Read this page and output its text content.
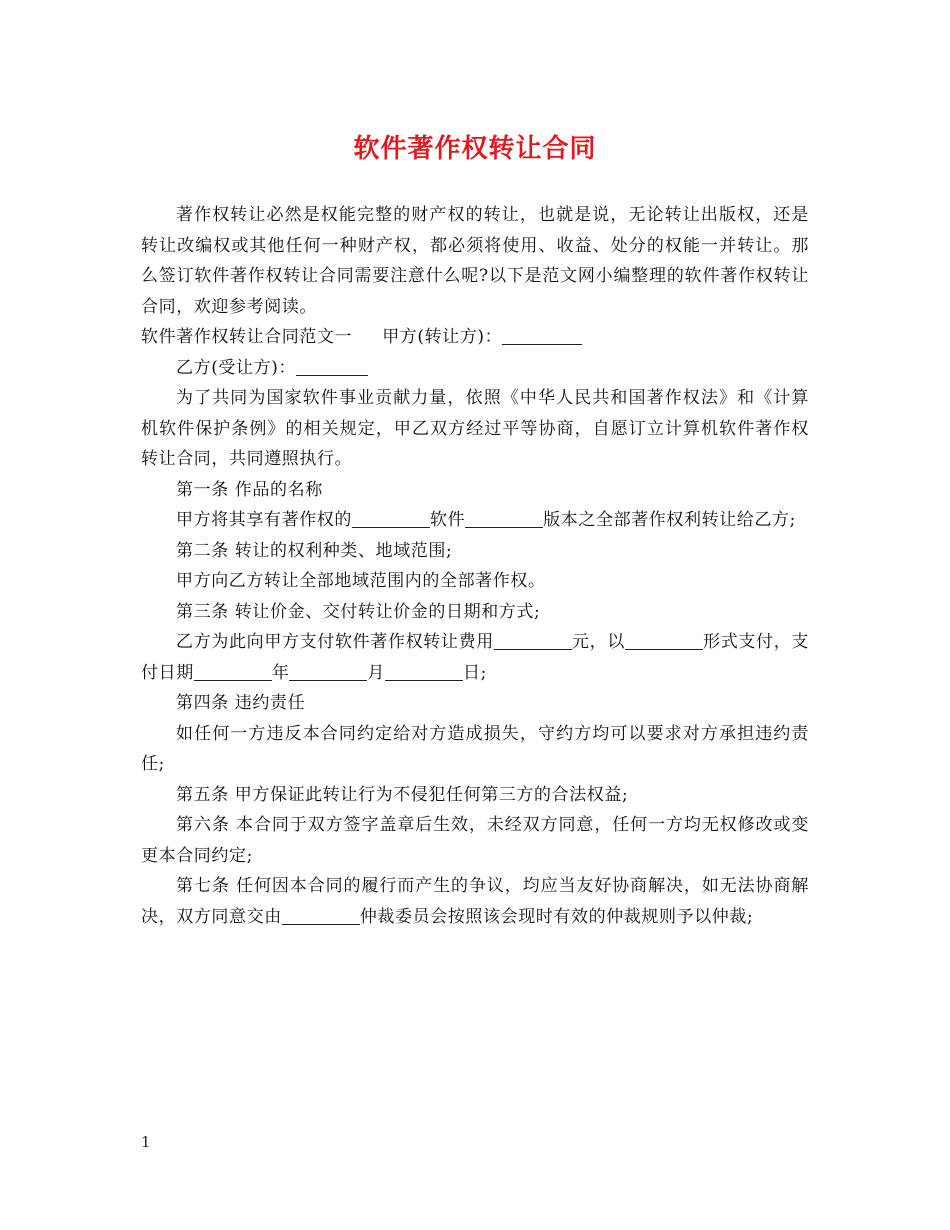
软件著作权转让合同

著作权转让必然是权能完整的财产权的转让，也就是说，无论转让出版权，还是转让改编权或其他任何一种财产权，都必须将使用、收益、处分的权能一并转让。那么签订软件著作权转让合同需要注意什么呢?以下是范文网小编整理的软件著作权转让合同，欢迎参考阅读。

软件著作权转让合同范文一 甲方(转让方)：

乙方(受让方)：

为了共同为国家软件事业贡献力量，依照《中华人民共和国著作权法》和《计算机软件保护条例》的相关规定，甲乙双方经过平等协商，自愿订立计算机软件著作权转让合同，共同遵照执行。

第一条 作品的名称

甲方将其享有著作权的	软件	版本之全部著作权利转让给乙方;

第二条 转让的权利种类、地域范围;

甲方向乙方转让全部地域范围内的全部著作权。

第三条 转让价金、交付转让价金的日期和方式;

乙方为此向甲方支付软件著作权转让费用	元，以	形式支付，支付日期	年	月	日;

第四条 违约责任

如任何一方违反本合同约定给对方造成损失，守约方均可以要求对方承担违约责任;

第五条 甲方保证此转让行为不侵犯任何第三方的合法权益;

第六条 本合同于双方签字盖章后生效，未经双方同意，任何一方均无权修改或变更本合同约定;

第七条 任何因本合同的履行而产生的争议，均应当友好协商解决，如无法协商解决，双方同意交由	仲裁委员会按照该会现时有效的仲裁规则予以仲裁;

1
